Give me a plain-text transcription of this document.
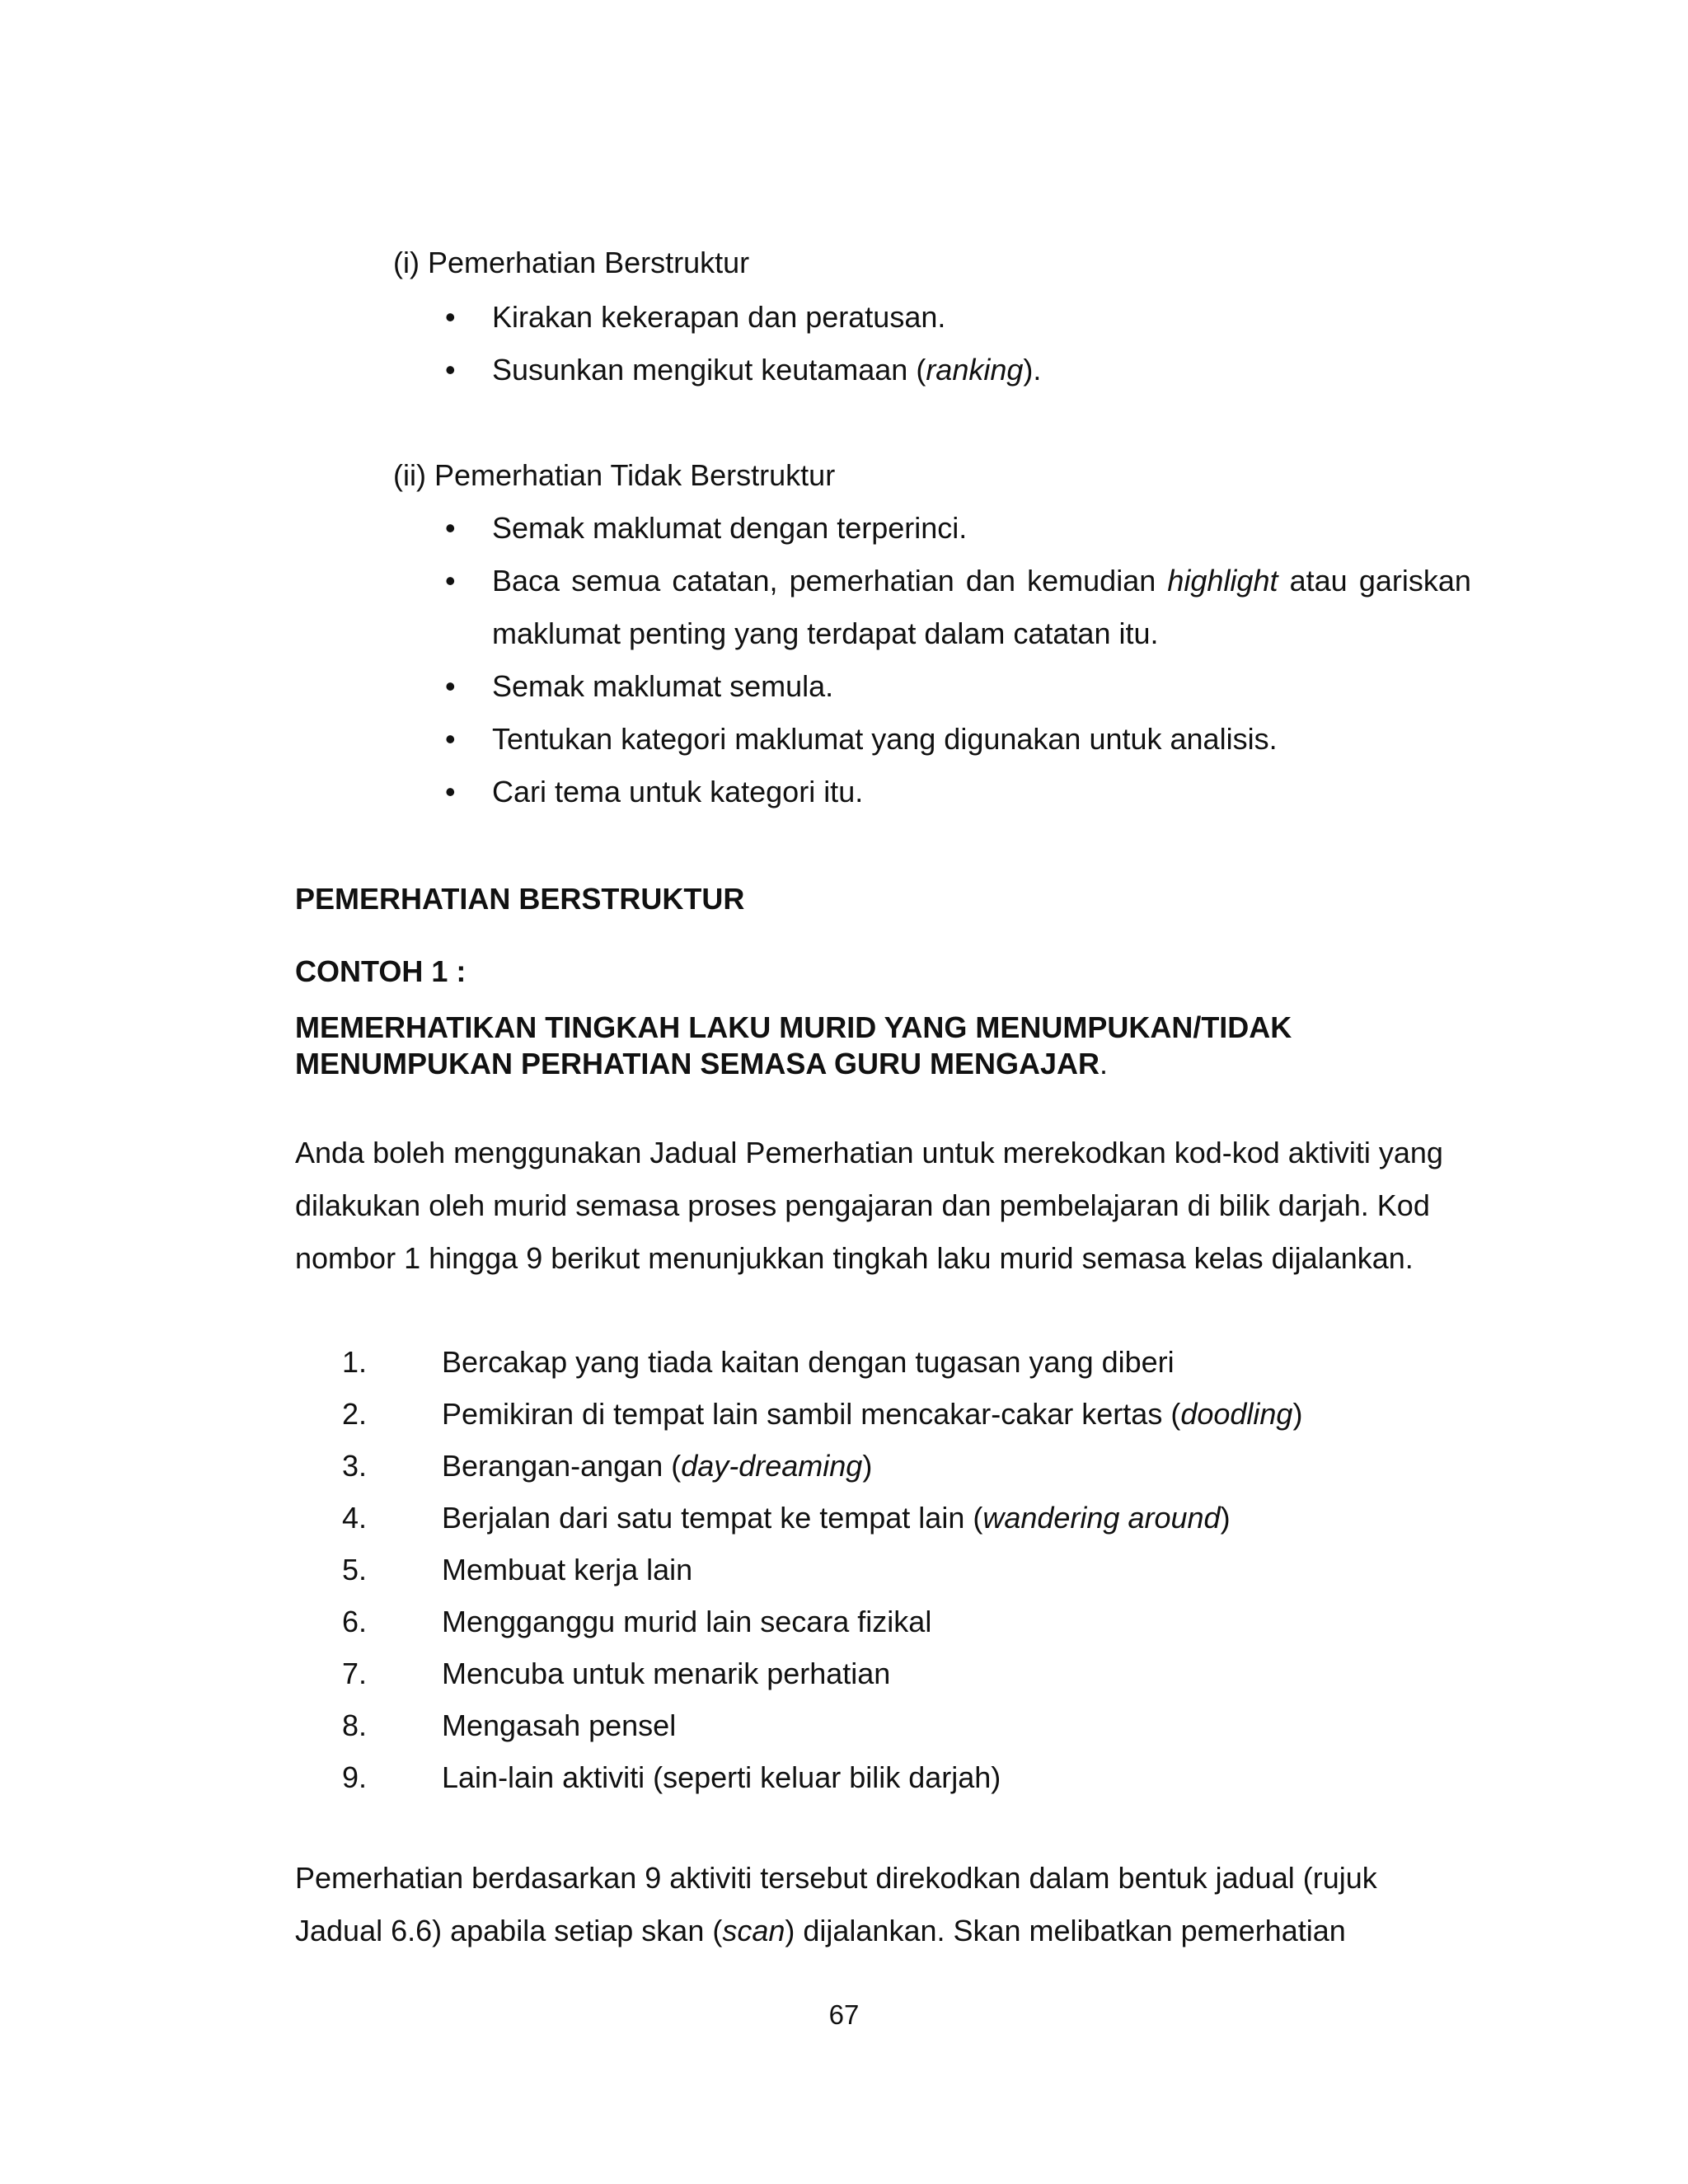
(i) Pemerhatian Berstruktur
• Kirakan kekerapan dan peratusan.
• Susunkan mengikut keutamaan (ranking).
(ii) Pemerhatian Tidak Berstruktur
• Semak maklumat dengan terperinci.
• Baca semua catatan, pemerhatian dan kemudian highlight atau gariskan
maklumat penting yang terdapat dalam catatan itu.
• Semak maklumat semula.
• Tentukan kategori maklumat yang digunakan untuk analisis.
• Cari tema untuk kategori itu.
PEMERHATIAN BERSTRUKTUR
CONTOH 1 :
MEMERHATIKAN TINGKAH LAKU MURID YANG MENUMPUKAN/TIDAK
MENUMPUKAN PERHATIAN SEMASA GURU MENGAJAR.
Anda boleh menggunakan Jadual Pemerhatian untuk merekodkan kod-kod aktiviti yang
dilakukan oleh murid semasa proses pengajaran dan pembelajaran di bilik darjah. Kod
nombor 1 hingga 9 berikut menunjukkan tingkah laku murid semasa kelas dijalankan.
1.	Bercakap yang tiada kaitan dengan tugasan yang diberi
2.	Pemikiran di tempat lain sambil mencakar-cakar kertas (doodling)
3.	Berangan-angan (day-dreaming)
4.	Berjalan dari satu tempat ke tempat lain (wandering around)
5.	Membuat kerja lain
6.	Mengganggu murid lain secara fizikal
7.	Mencuba untuk menarik perhatian
8.	Mengasah pensel
9.	Lain-lain aktiviti (seperti keluar bilik darjah)
Pemerhatian berdasarkan 9 aktiviti tersebut direkodkan dalam bentuk jadual (rujuk
Jadual 6.6) apabila setiap skan (scan) dijalankan. Skan melibatkan pemerhatian
67
